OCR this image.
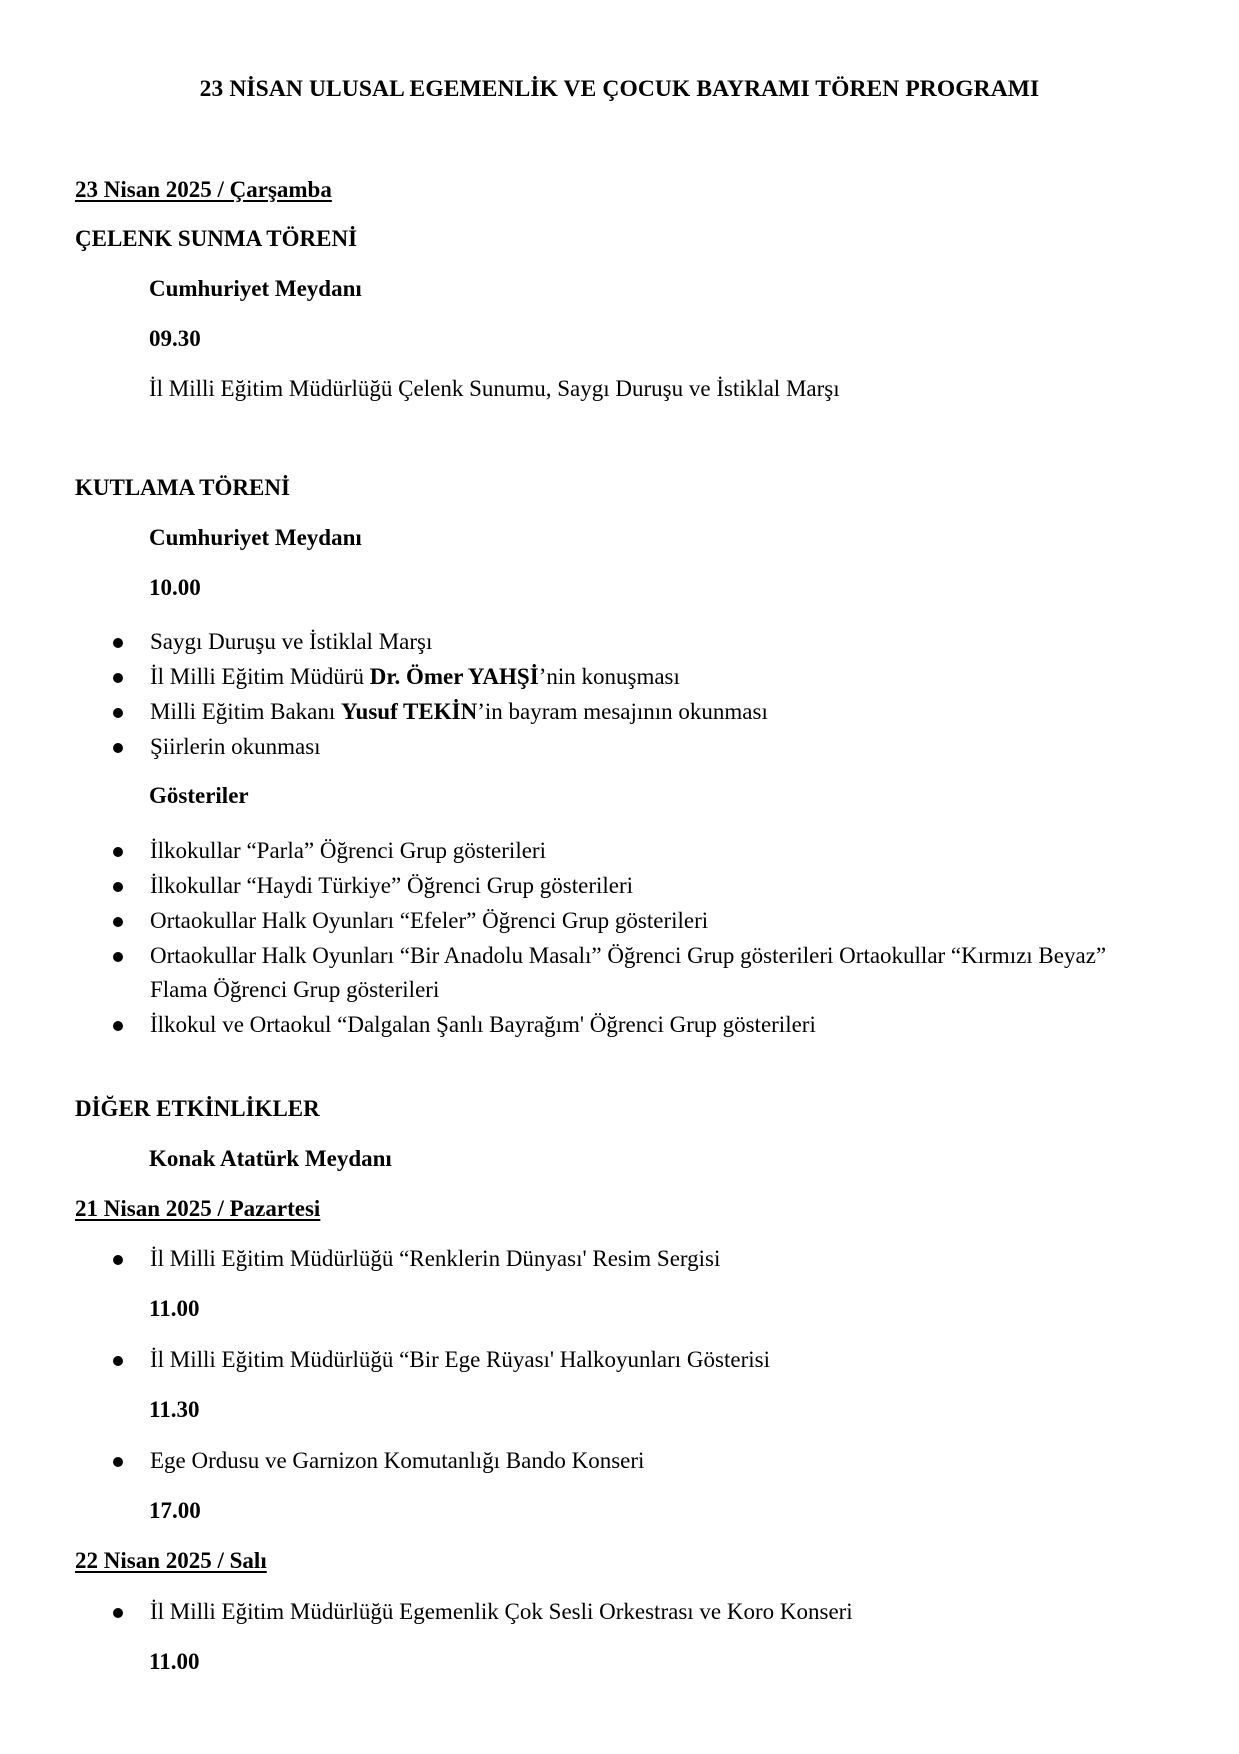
23 NİSAN ULUSAL EGEMENLİK VE ÇOCUK BAYRAMI TÖREN PROGRAMI
23 Nisan 2025 / Çarşamba
ÇELENK SUNMA TÖRENİ
Cumhuriyet Meydanı
09.30
İl Milli Eğitim Müdürlüğü Çelenk Sunumu, Saygı Duruşu ve İstiklal Marşı
KUTLAMA TÖRENİ
Cumhuriyet Meydanı
10.00
Saygı Duruşu ve İstiklal Marşı
İl Milli Eğitim Müdürü Dr. Ömer YAHŞİ’nin konuşması
Milli Eğitim Bakanı Yusuf TEKİN’in bayram mesajının okunması
Şiirlerin okunması
Gösteriler
İlkokullar “Parla” Öğrenci Grup gösterileri
İlkokullar “Haydi Türkiye” Öğrenci Grup gösterileri
Ortaokullar Halk Oyunları “Efeler” Öğrenci Grup gösterileri
Ortaokullar Halk Oyunları “Bir Anadolu Masalı” Öğrenci Grup gösterileri Ortaokullar “Kırmızı Beyaz” Flama Öğrenci Grup gösterileri
İlkokul ve Ortaokul “Dalgalan Şanlı Bayrağım' Öğrenci Grup gösterileri
DİĞER ETKİNLİKLER
Konak Atatürk Meydanı
21 Nisan 2025 / Pazartesi
İl Milli Eğitim Müdürlüğü “Renklerin Dünyası' Resim Sergisi
11.00
İl Milli Eğitim Müdürlüğü “Bir Ege Rüyası' Halkoyunları Gösterisi
11.30
Ege Ordusu ve Garnizon Komutanlığı Bando Konseri
17.00
22 Nisan 2025 / Salı
İl Milli Eğitim Müdürlüğü Egemenlik Çok Sesli Orkestrası ve Koro Konseri
11.00
